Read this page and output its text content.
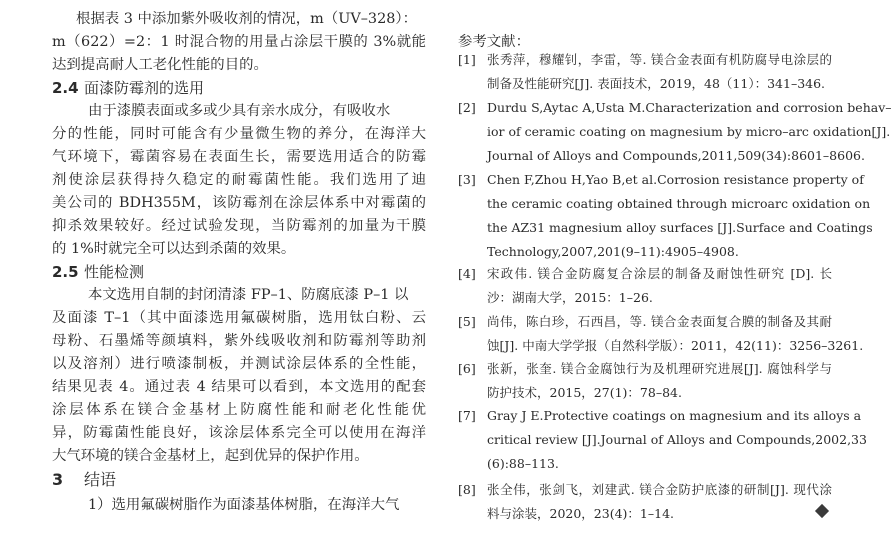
根据表 3 中添加紫外吸收剂的情况，m（UV–328）：
m（622）=2：1 时混合物的用量占涂层干膜的 3%就能
达到提高耐人工老化性能的目的。
2.4 面漆防霉剂的选用
由于漆膜表面或多或少具有亲水成分，有吸收水
分的性能，同时可能含有少量微生物的养分，在海洋大
气环境下，霉菌容易在表面生长，需要选用适合的防霉
剂使涂层获得持久稳定的耐霉菌性能。我们选用了迪
美公司的 BDH355M，该防霉剂在涂层体系中对霉菌的
抑杀效果较好。经过试验发现，当防霉剂的加量为干膜
的 1%时就完全可以达到杀菌的效果。
2.5 性能检测
本文选用自制的封闭清漆 FP–1、防腐底漆 P–1 以
及面漆 T–1（其中面漆选用氟碳树脂，选用钛白粉、云
母粉、石墨烯等颜填料，紫外线吸收剂和防霉剂等助剂
以及溶剂）进行喷漆制板，并测试涂层体系的全性能，
结果见表 4。通过表 4 结果可以看到，本文选用的配套
涂层体系在镁合金基材上防腐性能和耐老化性能优
异，防霉菌性能良好，该涂层体系完全可以使用在海洋
大气环境的镁合金基材上，起到优异的保护作用。
3 结语
1）选用氟碳树脂作为面漆基体树脂，在海洋大气
参考文献：
[1] 张秀萍，穆耀钊，李雷，等. 镁合金表面有机防腐导电涂层的
制备及性能研究[J]. 表面技术，2019，48（11）：341–346.
[2] Durdu S,Aytac A,Usta M.Characterization and corrosion behav–
ior of ceramic coating on magnesium by micro–arc oxidation[J].
Journal of Alloys and Compounds,2011,509(34):8601–8606.
[3] Chen F,Zhou H,Yao B,et al.Corrosion resistance property of
the ceramic coating obtained through microarc oxidation on
the AZ31 magnesium alloy surfaces [J].Surface and Coatings
Technology,2007,201(9–11):4905–4908.
[4] 宋政伟. 镁合金防腐复合涂层的制备及耐蚀性研究 [D]. 长
沙：湖南大学，2015：1–26.
[5] 尚伟，陈白珍，石西昌，等. 镁合金表面复合膜的制备及其耐
蚀[J]. 中南大学学报（自然科学版）：2011，42(11)：3256–3261.
[6] 张新，张奎. 镁合金腐蚀行为及机理研究进展[J]. 腐蚀科学与
防护技术，2015，27(1)：78–84.
[7] Gray J E.Protective coatings on magnesium and its alloys a
critical review [J].Journal of Alloys and Compounds,2002,33
(6):88–113.
[8] 张全伟，张剑飞，刘建武. 镁合金防护底漆的研制[J]. 现代涂
料与涂装，2020，23(4)：1–14.
